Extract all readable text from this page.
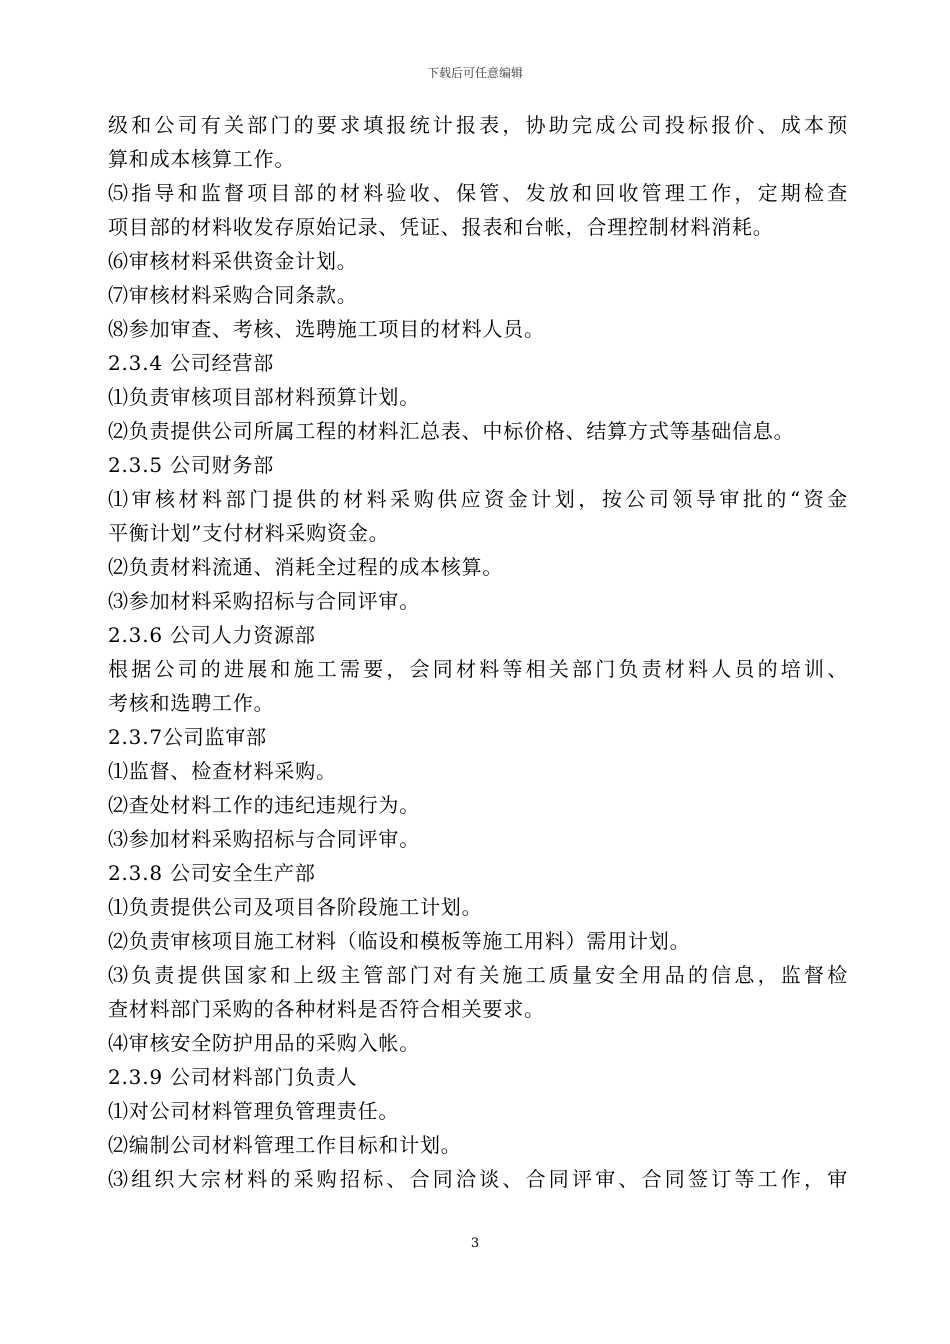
下载后可任意编辑
级和公司有关部门的要求填报统计报表，协助完成公司投标报价、成本预
算和成本核算工作。
⑸指导和监督项目部的材料验收、保管、发放和回收管理工作，定期检查
项目部的材料收发存原始记录、凭证、报表和台帐，合理控制材料消耗。
⑹审核材料采供资金计划。
⑺审核材料采购合同条款。
⑻参加审查、考核、选聘施工项目的材料人员。
2.3.4 公司经营部
⑴负责审核项目部材料预算计划。
⑵负责提供公司所属工程的材料汇总表、中标价格、结算方式等基础信息。
2.3.5 公司财务部
⑴审核材料部门提供的材料采购供应资金计划，按公司领导审批的“资金
平衡计划”支付材料采购资金。
⑵负责材料流通、消耗全过程的成本核算。
⑶参加材料采购招标与合同评审。
2.3.6 公司人力资源部
根据公司的进展和施工需要，会同材料等相关部门负责材料人员的培训、
考核和选聘工作。
2.3.7公司监审部
⑴监督、检查材料采购。
⑵查处材料工作的违纪违规行为。
⑶参加材料采购招标与合同评审。
2.3.8 公司安全生产部
⑴负责提供公司及项目各阶段施工计划。
⑵负责审核项目施工材料（临设和模板等施工用料）需用计划。
⑶负责提供国家和上级主管部门对有关施工质量安全用品的信息，监督检
查材料部门采购的各种材料是否符合相关要求。
⑷审核安全防护用品的采购入帐。
2.3.9 公司材料部门负责人
⑴对公司材料管理负管理责任。
⑵编制公司材料管理工作目标和计划。
⑶组织大宗材料的采购招标、合同洽谈、合同评审、合同签订等工作，审
3
